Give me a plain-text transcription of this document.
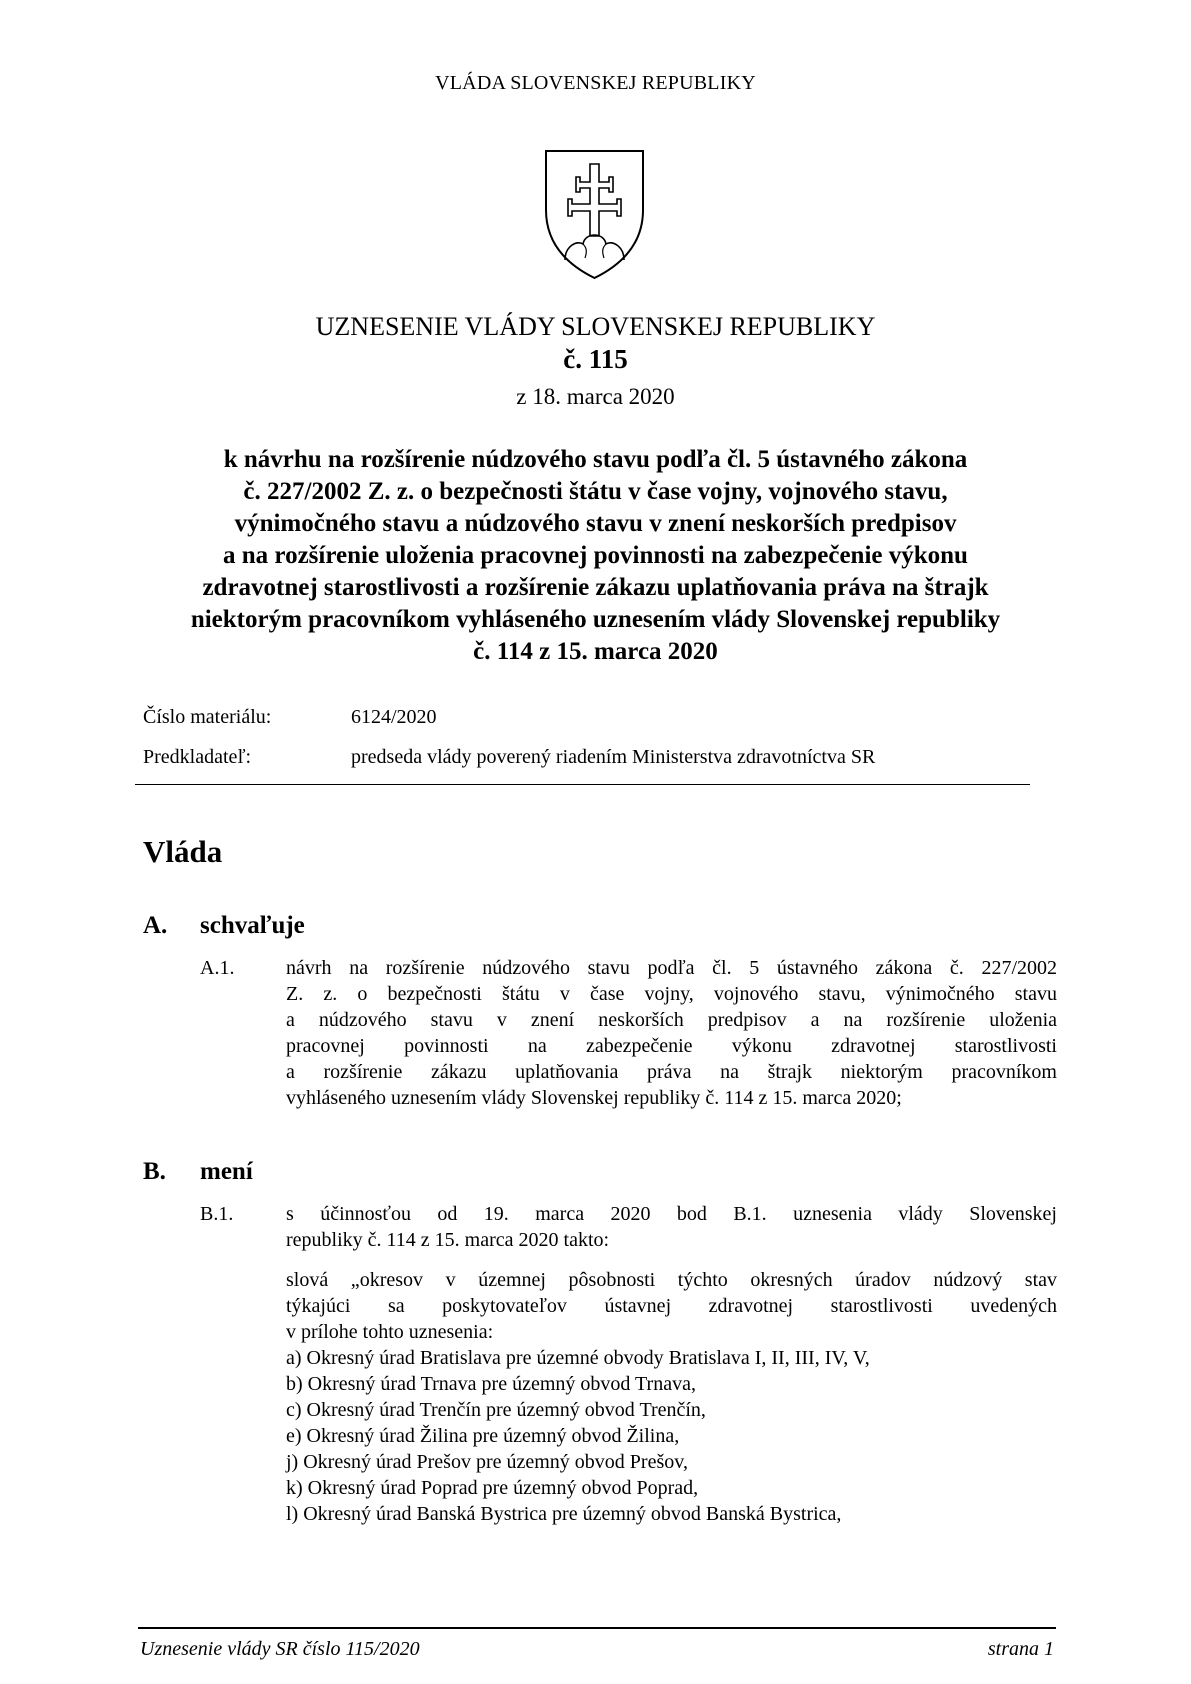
VLÁDA SLOVENSKEJ REPUBLIKY
UZNESENIE VLÁDY SLOVENSKEJ REPUBLIKY
č. 115
z 18. marca 2020
k návrhu na rozšírenie núdzového stavu podľa čl. 5 ústavného zákona
č. 227/2002 Z. z. o bezpečnosti štátu v čase vojny, vojnového stavu,
výnimočného stavu a núdzového stavu v znení neskorších predpisov
a na rozšírenie uloženia pracovnej povinnosti na zabezpečenie výkonu
zdravotnej starostlivosti a rozšírenie zákazu uplatňovania práva na štrajk
niektorým pracovníkom vyhláseného uznesením vlády Slovenskej republiky
č. 114 z 15. marca 2020
Číslo materiálu:	6124/2020
Predkladateľ:	predseda vlády poverený riadením Ministerstva zdravotníctva SR
Vláda
A. schvaľuje
A.1.	návrh na rozšírenie núdzového stavu podľa čl. 5 ústavného zákona č. 227/2002
Z. z. o bezpečnosti štátu v čase vojny, vojnového stavu, výnimočného stavu
a núdzového stavu v znení neskorších predpisov a na rozšírenie uloženia
pracovnej povinnosti na zabezpečenie výkonu zdravotnej starostlivosti
a rozšírenie zákazu uplatňovania práva na štrajk niektorým pracovníkom
vyhláseného uznesením vlády Slovenskej republiky č. 114 z 15. marca 2020;
B. mení
B.1.	s účinnosťou od 19. marca 2020 bod B.1. uznesenia vlády Slovenskej
republiky č. 114 z 15. marca 2020 takto:
slová „okresov v územnej pôsobnosti týchto okresných úradov núdzový stav
týkajúci sa poskytovateľov ústavnej zdravotnej starostlivosti uvedených
v prílohe tohto uznesenia:
a) Okresný úrad Bratislava pre územné obvody Bratislava I, II, III, IV, V,
b) Okresný úrad Trnava pre územný obvod Trnava,
c) Okresný úrad Trenčín pre územný obvod Trenčín,
e) Okresný úrad Žilina pre územný obvod Žilina,
j) Okresný úrad Prešov pre územný obvod Prešov,
k) Okresný úrad Poprad pre územný obvod Poprad,
l) Okresný úrad Banská Bystrica pre územný obvod Banská Bystrica,
Uznesenie vlády SR číslo 115/2020	strana 1
